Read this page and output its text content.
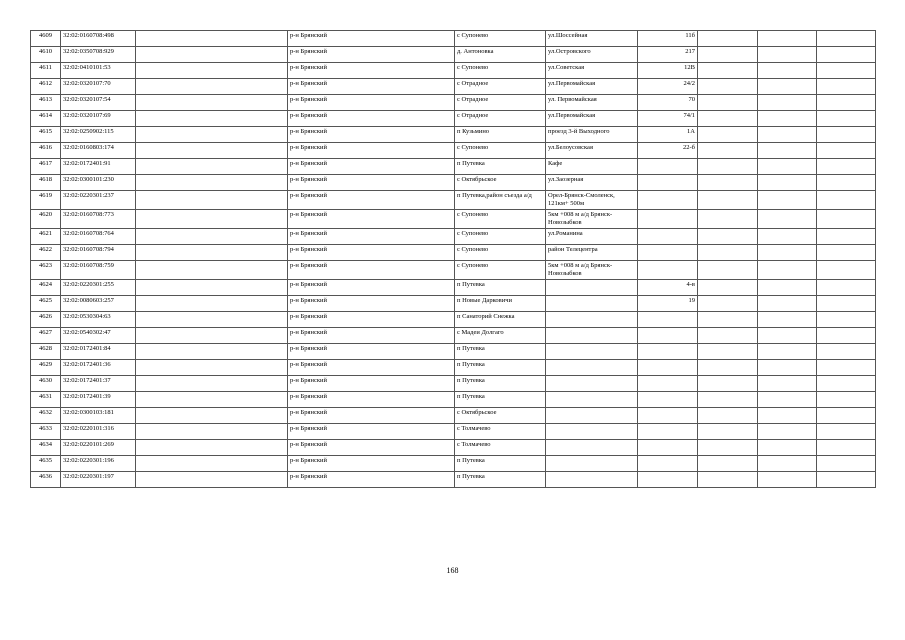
4609	32:02:0160708:498		р-н Брянский	с Супонево	ул.Шоссейная	11б			
4610	32:02:0350708:929		р-н Брянский	д. Антоновка	ул.Островского	217			
4611	32:02:0410101:53		р-н Брянский	с Супонево	ул.Советская	12В			
4612	32:02:0320107:70		р-н Брянский	с Отрадное	ул.Первомайская	24/2			
4613	32:02:0320107:54		р-н Брянский	с Отрадное	ул. Первомайская	70			
4614	32:02:0320107:69		р-н Брянский	с Отрадное	ул.Первомайская	74/1			
4615	32:02:0250902:115		р-н Брянский	п Кузьмино	проезд 3-й Выходного	1А			
4616	32:02:0160803:174		р-н Брянский	с Супонево	ул.Белоусовская	22-б			
4617	32:02:0172401:91		р-н Брянский	п Путевка	Кафе				
4618	32:02:0300101:230		р-н Брянский	с Октябрьское	ул.Заозерная				
4619	32:02:0220301:237		р-н Брянский	п Путевка,район съезда а/д	Орел-Брянск-Смоленск, 121км+ 500м				
4620	32:02:0160708:773		р-н Брянский	с Супонево	5км +008 м а/д Брянск-Новозыбков				
4621	32:02:0160708:764		р-н Брянский	с Супонево	ул.Романина				
4622	32:02:0160708:794		р-н Брянский	с Супонево	район Телецентра				
4623	32:02:0160708:759		р-н Брянский	с Супонево	5км +008 м а/д Брянск-Новозыбков				
4624	32:02:0220301:255		р-н Брянский	п Путевка		4-в			
4625	32:02:0080603:257		р-н Брянский	п Новые Дарковичи		19			
4626	32:02:0530304:63		р-н Брянский	п Санаторий Снежка					
4627	32:02:0540302:47		р-н Брянский	с Мадеи Долгаго					
4628	32:02:0172401:84		р-н Брянский	п Путевка					
4629	32:02:0172401:36		р-н Брянский	п Путевка					
4630	32:02:0172401:37		р-н Брянский	п Путевка					
4631	32:02:0172401:39		р-н Брянский	п Путевка					
4632	32:02:0300103:181		р-н Брянский	с Октябрьское					
4633	32:02:0220101:316		р-н Брянский	с Толмачево					
4634	32:02:0220101:269		р-н Брянский	с Толмачево					
4635	32:02:0220301:196		р-н Брянский	п Путевка					
4636	32:02:0220301:197		р-н Брянский	п Путевка					
168
